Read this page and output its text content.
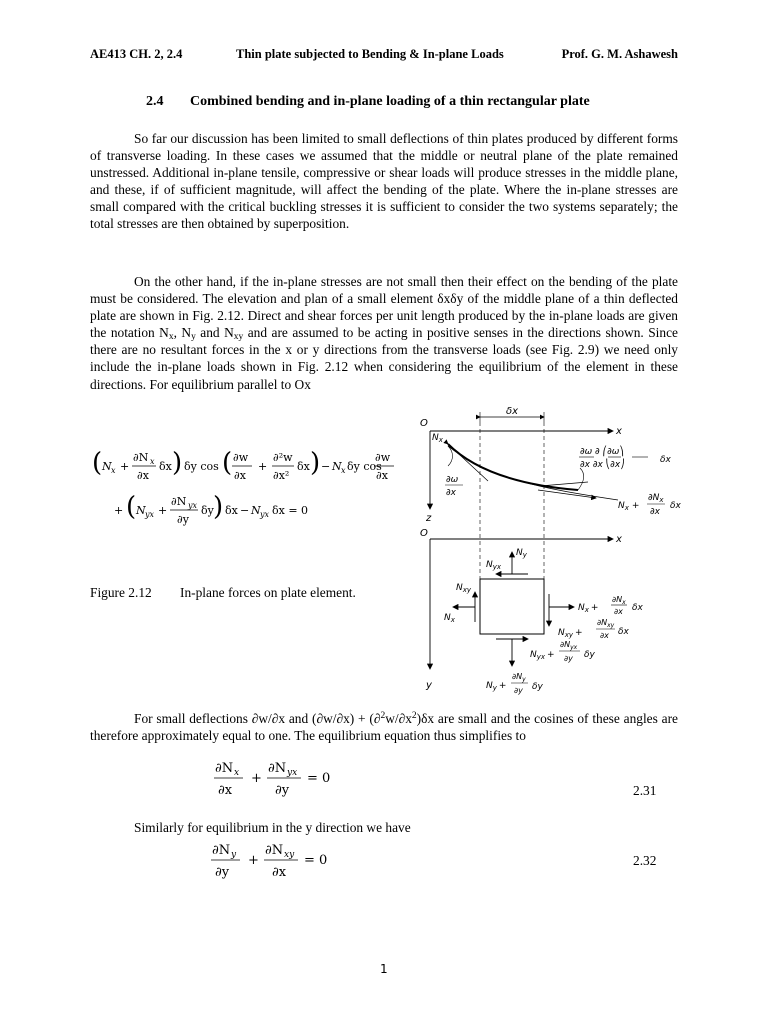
AE413 CH. 2, 2.4	Thin plate subjected to Bending & In-plane Loads	Prof. G. M. Ashawesh
2.4 Combined bending and in-plane loading of a thin rectangular plate

So far our discussion has been limited to small deflections of thin plates produced by different forms of transverse loading. In these cases we assumed that the middle or neutral plane of the plate remained unstressed. Additional in-plane tensile, compressive or shear loads will produce stresses in the middle plane, and these, if of sufficient magnitude, will affect the bending of the plate. Where the in-plane stresses are small compared with the critical buckling stresses it is sufficient to consider the two systems separately; the total stresses are then obtained by superposition.

On the other hand, if the in-plane stresses are not small then their effect on the bending of the plate must be considered. The elevation and plan of a small element δxδy of the middle plane of a thin deflected plate are shown in Fig. 2.12. Direct and shear forces per unit length produced by the in-plane loads are given the notation $N_x$, $N_y$ and $N_{xy}$ and are assumed to be acting in positive senses in the directions shown. Since there are no resultant forces in the x or y directions from the transverse loads (see Fig. 2.9) we need only include the in-plane loads shown in Fig. 2.12 when considering the equilibrium of the element in these directions. For equilibrium parallel to Ox

( N x +
∂N x
∂x
δx ) δy cos ( ∂w
∂x
+
∂²w
∂x²
δx ) − N x δy cos
∂w
∂x
+ ( N yx +
∂N yx
∂y
δy ) δx − N yx δx = 0
Figure 2.12 In-plane forces on plate element.
O
x
z
δx
$N_x$
∂ω
∂x
∂ω ∂ ⎛∂ω⎞
∂x ∂x ⎝∂x⎠	δx
$N_x$ +
$\partial N_x$
∂x
δx
O
x
y
$N_y$
$N_{yx}$
$N_x$
$N_{xy}$
$N_x$ +
$\partial N_x$
∂x δx
$N_{xy}$ +
$\partial N_{xy}$
∂x δx
$N_y$ +
$\partial N_y$
∂y δy
$N_{yx}$ +
$\partial N_{yx}$
∂y δy

For small deflections ∂w/∂x and $(\partial w/\partial x) + (\partial^2w/\partial x^2)\delta x$ are small and the cosines of these angles are therefore approximately equal to one. The equilibrium equation thus simplifies to

∂N x
∂x
+
∂N yx
∂y
= 0
2.31

Similarly for equilibrium in the y direction we have

∂N y
∂y
+
∂N xy
∂x
= 0	2.32
1
